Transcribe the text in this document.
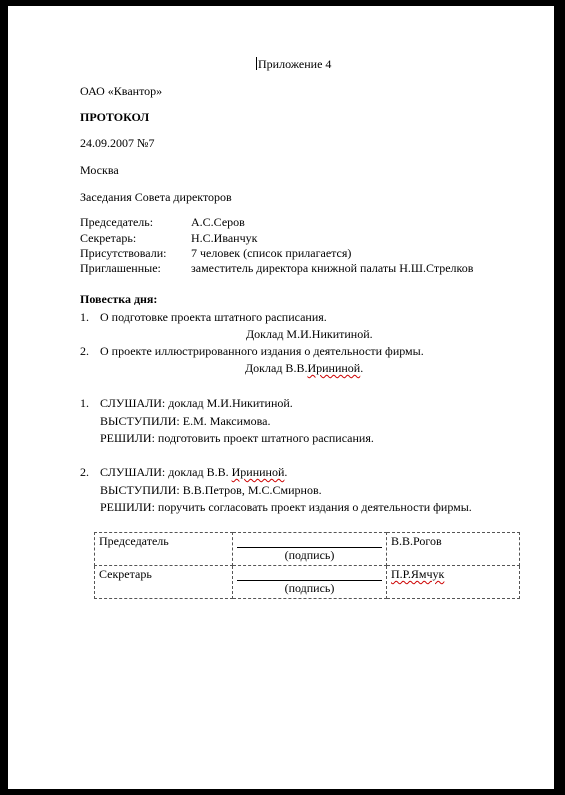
Приложение 4
ОАО «Квантор»
ПРОТОКОЛ
24.09.2007 №7
Москва
Заседания Совета директоров
Председатель:	А.С.Серов
Секретарь:	Н.С.Иванчук
Присутствовали: 7 человек (список прилагается)
Приглашенные:	заместитель директора книжной палаты Н.Ш.Стрелков
Повестка дня:
1. О подготовке проекта штатного расписания.
Доклад М.И.Никитиной.
2. О проекте иллюстрированного издания о деятельности фирмы.
Доклад В.В.Ирининой.
1. СЛУШАЛИ: доклад М.И.Никитиной.
ВЫСТУПИЛИ: Е.М. Максимова.
РЕШИЛИ: подготовить проект штатного расписания.
2. СЛУШАЛИ: доклад В.В. Ирининой.
ВЫСТУПИЛИ: В.В.Петров, М.С.Смирнов.
РЕШИЛИ: поручить согласовать проект издания о деятельности фирмы.
Председатель	(подпись)	В.В.Рогов
Секретарь	(подпись)	П.Р.Ямчук
